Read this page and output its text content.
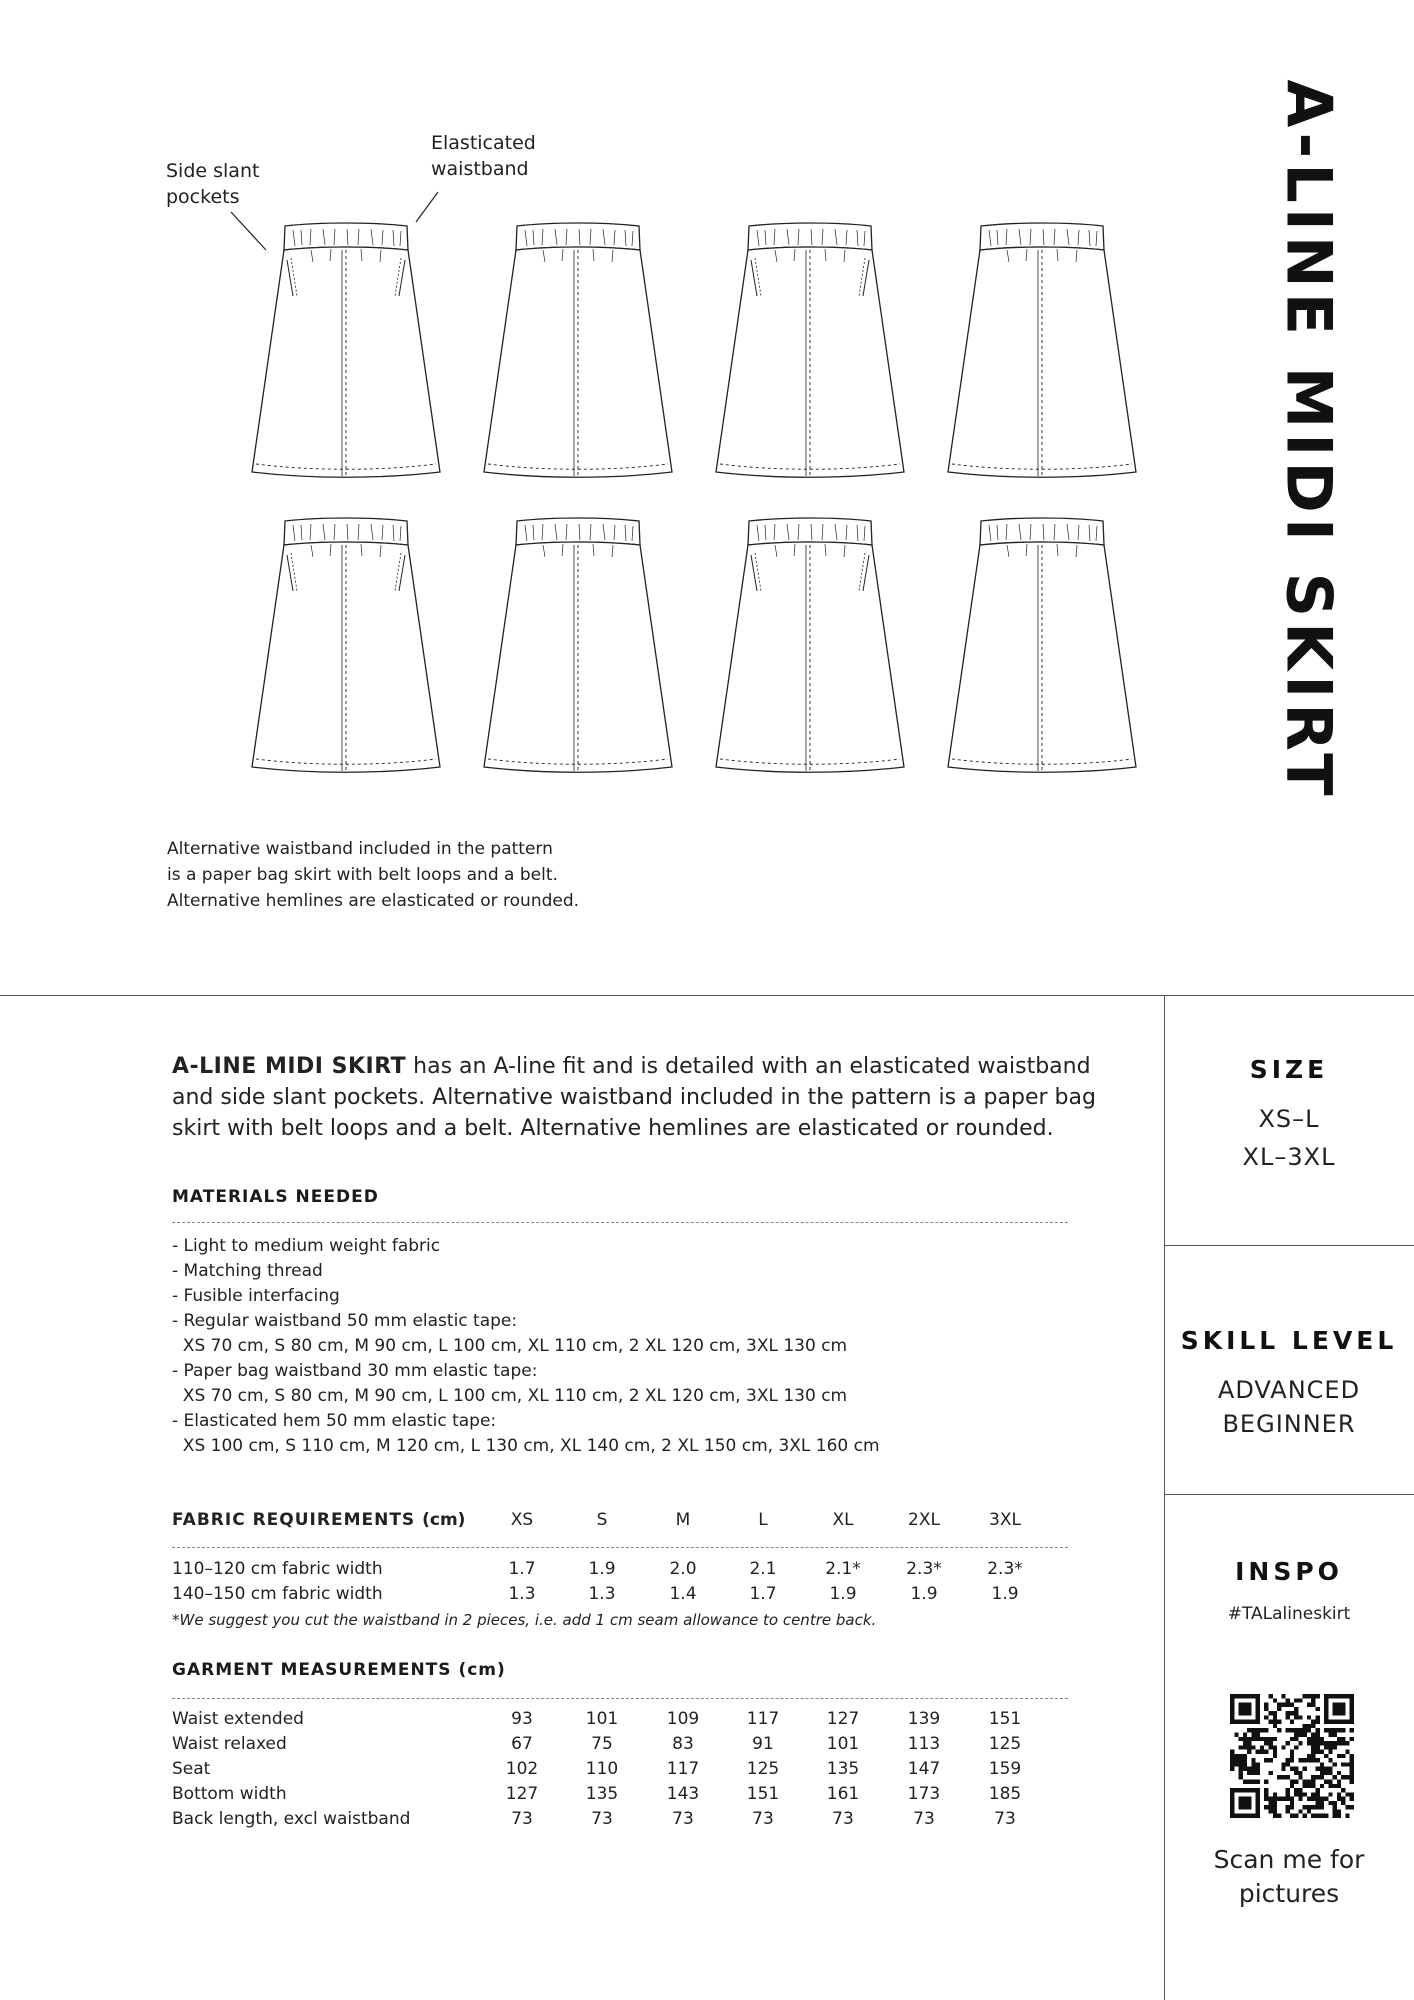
A-LINE MIDI SKIRT
Side slant
pockets
Elasticated
waistband
Alternative waistband included in the pattern
is a paper bag skirt with belt loops and a belt.
Alternative hemlines are elasticated or rounded.
A-LINE MIDI SKIRT has an A-line fit and is detailed with an elasticated waistband and side slant pockets. Alternative waistband included in the pattern is a paper bag skirt with belt loops and a belt. Alternative hemlines are elasticated or rounded.
MATERIALS NEEDED
- Light to medium weight fabric
- Matching thread
- Fusible interfacing
- Regular waistband 50 mm elastic tape:
XS 70 cm, S 80 cm, M 90 cm, L 100 cm, XL 110 cm, 2 XL 120 cm, 3XL 130 cm
- Paper bag waistband 30 mm elastic tape:
XS 70 cm, S 80 cm, M 90 cm, L 100 cm, XL 110 cm, 2 XL 120 cm, 3XL 130 cm
- Elasticated hem 50 mm elastic tape:
XS 100 cm, S 110 cm, M 120 cm, L 130 cm, XL 140 cm, 2 XL 150 cm, 3XL 160 cm
FABRIC REQUIREMENTS (cm)	XS	S	M	L	XL	2XL	3XL
110–120 cm fabric width	1.7	1.9	2.0	2.1	2.1*	2.3*	2.3*
140–150 cm fabric width	1.3	1.3	1.4	1.7	1.9	1.9	1.9
*We suggest you cut the waistband in 2 pieces, i.e. add 1 cm seam allowance to centre back.
GARMENT MEASUREMENTS (cm)
Waist extended	93	101	109	117	127	139	151
Waist relaxed	67	75	83	91	101	113	125
Seat	102	110	117	125	135	147	159
Bottom width	127	135	143	151	161	173	185
Back length, excl waistband	73	73	73	73	73	73	73
SIZE
XS–L
XL–3XL
SKILL LEVEL
ADVANCED
BEGINNER
INSPO
#TALalineskirt
Scan me for
pictures
